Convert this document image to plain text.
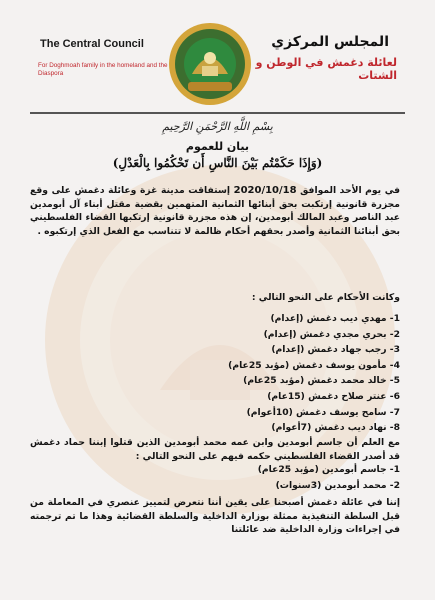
The Central Council
For Doghmoah family in the homeland and the Diaspora
المجلس المركزي
لعائلة دغمش في الوطن و الشتات
بِسْمِ اللَّهِ الرَّحْمَنِ الرَّحِيمِ
بيان للعموم
(وَإِذَا حَكَمْتُم بَيْنَ النَّاسِ أَن تَحْكُمُوا بِالْعَدْلِ)
في يوم الأحد الموافق 2020/10/18 إستفاقت مدينة غزة وعائلة دغمش على وقع مجزرة قانونية إرتكبت بحق أبنائها الثمانية المتهمين بقضية مقتل أبناء آل أبومدين عبد الناصر وعبد المالك أبومدين، إن هذه مجزرة قانونية إرتكبها القضاء الفلسطيني بحق أبنائنا الثمانية وأصدر بحقهم أحكام ظالمة لا تتناسب مع الفعل الذي إرتكبوه .
وكانت الأحكام على النحو التالي :
1- مهدي ديب دغمش (إعدام)
2- بحري مجدي دغمش (إعدام)
3- رجب جهاد دغمش (إعدام)
4- مأمون يوسف دغمش (مؤبد 25عام)
5- خالد محمد دغمش (مؤبد 25عام)
6- عنتر صلاح دغمش (15عام)
7- سامح يوسف دغمش (10أعوام)
8- نهاد ديب دغمش (7أعوام)
مع العلم أن جاسم أبومدين وابن عمه محمد أبومدين الذين قتلوا إبننا حماد دغمش قد أصدر القضاء الفلسطيني حكمه فيهم على النحو التالي :
1- جاسم أبومدين (مؤبد 25عام)
2- محمد أبومدين (3سنوات)
إننا في عائلة دغمش أصبحنا على يقين أننا نتعرض لتمييز عنصري في المعاملة من قبل السلطة التنفيذية ممثلة بوزارة الداخلية والسلطة القضائية وهذا ما تم ترجمته في إجراءات وزارة الداخلية ضد عائلتنا
